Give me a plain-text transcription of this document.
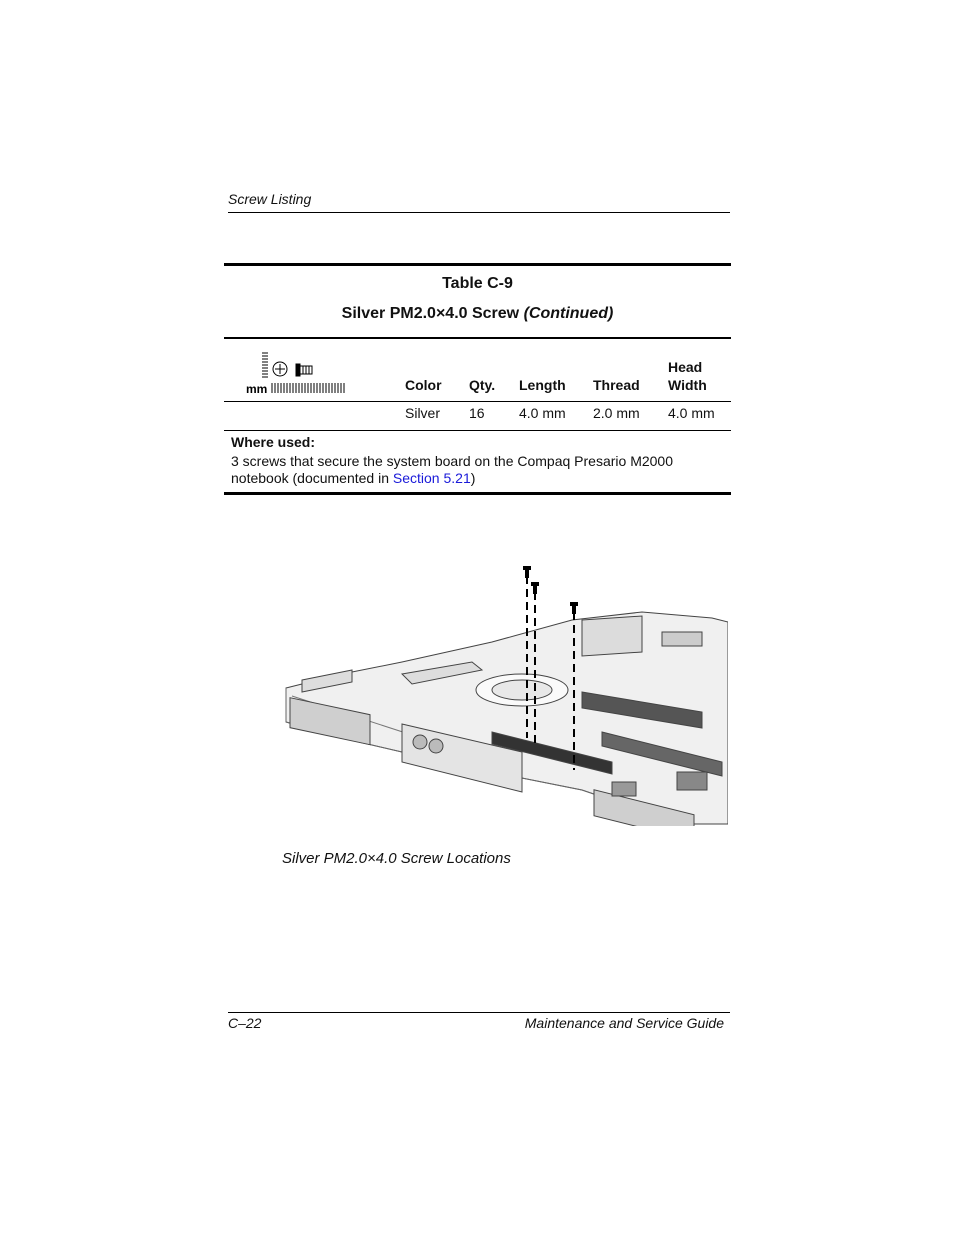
Screw Listing
Table C-9
Silver PM2.0×4.0 Screw (Continued)
mm	Color Qty. Length Thread
Head
Width
Silver 16 4.0 mm 2.0 mm 4.0 mm
Where used:
3 screws that secure the system board on the Compaq Presario M2000
notebook (documented in Section 5.21)
Silver PM2.0×4.0 Screw Locations
C–22	Maintenance and Service Guide
